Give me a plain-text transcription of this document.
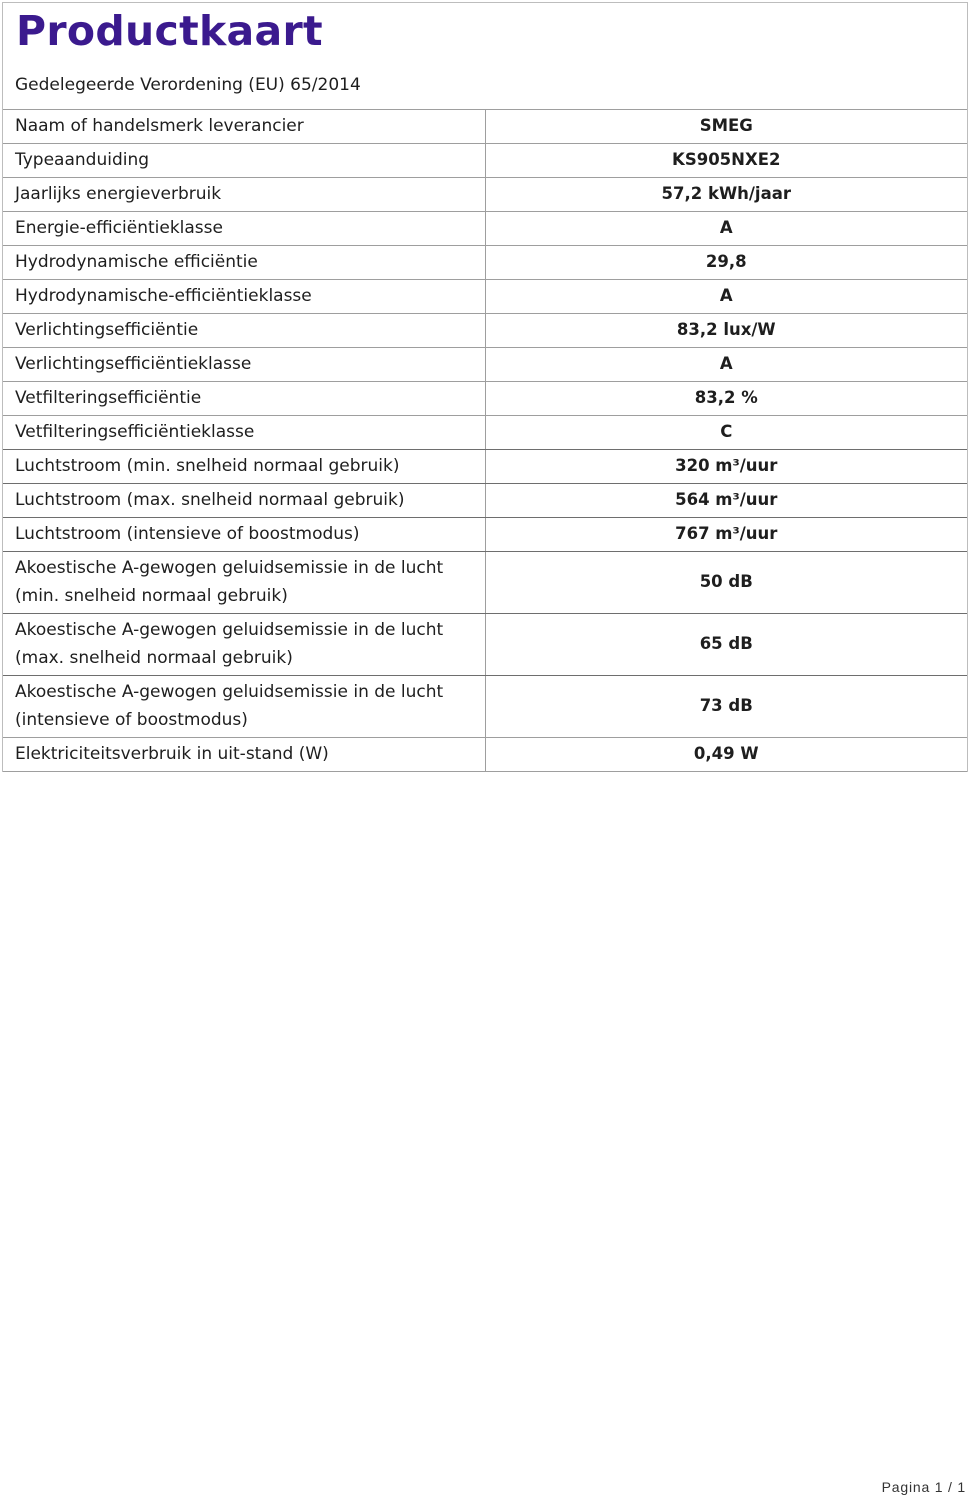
Productkaart

Gedelegeerde Verordening (EU) 65/2014

Naam of handelsmerk leverancier	SMEG
Typeaanduiding	KS905NXE2
Jaarlijks energieverbruik	57,2 kWh/jaar
Energie-efficiëntieklasse	A
Hydrodynamische efficiëntie	29,8
Hydrodynamische-efficiëntieklasse	A
Verlichtingsefficiëntie	83,2 lux/W
Verlichtingsefficiëntieklasse	A
Vetfilteringsefficiëntie	83,2 %
Vetfilteringsefficiëntieklasse	C
Luchtstroom (min. snelheid normaal gebruik)	320 m³/uur
Luchtstroom (max. snelheid normaal gebruik)	564 m³/uur
Luchtstroom (intensieve of boostmodus)	767 m³/uur
Akoestische A-gewogen geluidsemissie in de lucht (min. snelheid normaal gebruik)	50 dB
Akoestische A-gewogen geluidsemissie in de lucht (max. snelheid normaal gebruik)	65 dB
Akoestische A-gewogen geluidsemissie in de lucht (intensieve of boostmodus)	73 dB
Elektriciteitsverbruik in uit-stand (W)	0,49 W
Pagina 1 / 1
